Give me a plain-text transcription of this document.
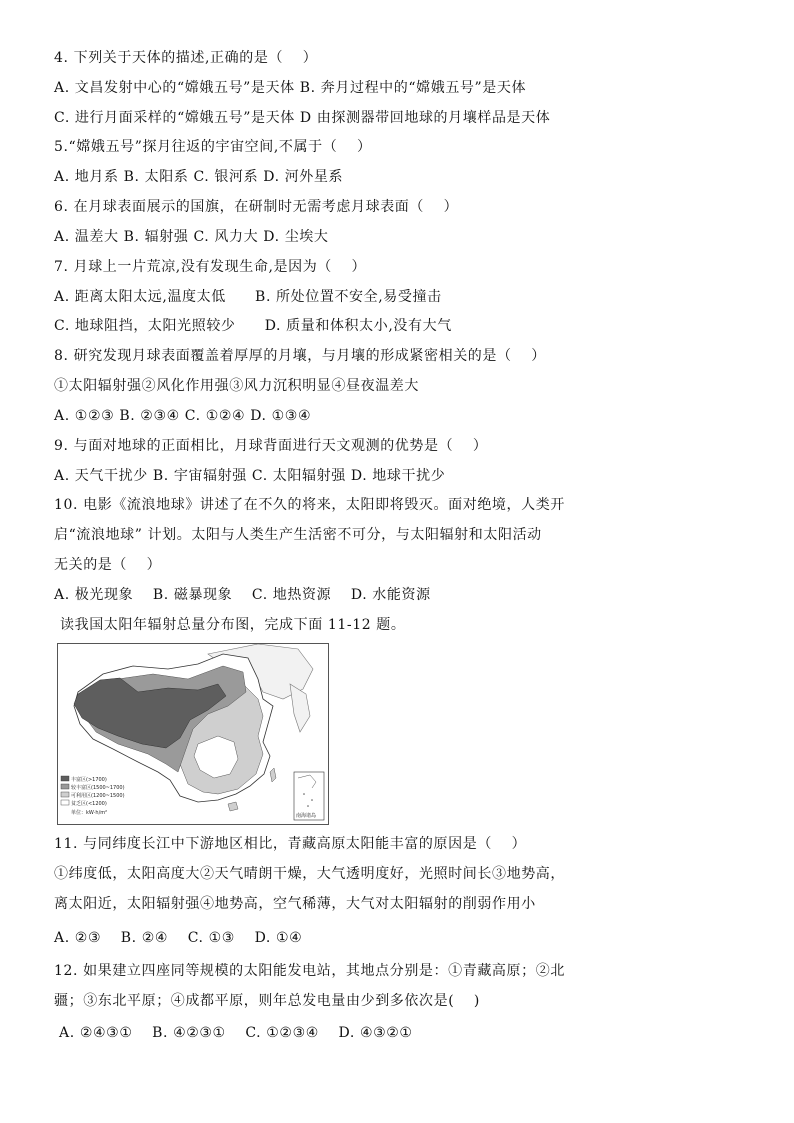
4. 下列关于天体的描述,正确的是（　 ）
A. 文昌发射中心的“嫦娥五号”是天体 B. 奔月过程中的“嫦娥五号”是天体
C. 进行月面采样的“嫦娥五号”是天体 D 由探测器带回地球的月壤样品是天体
5.“嫦娥五号”探月往返的宇宙空间,不属于（　 ）
A. 地月系 B. 太阳系 C. 银河系 D. 河外星系
6. 在月球表面展示的国旗，在研制时无需考虑月球表面（　 ）
A. 温差大 B. 辐射强 C. 风力大 D. 尘埃大
7. 月球上一片荒凉,没有发现生命,是因为（　 ）
A. 距离太阳太远,温度太低　　B. 所处位置不安全,易受撞击
C. 地球阻挡，太阳光照较少　　D. 质量和体积太小,没有大气
8. 研究发现月球表面覆盖着厚厚的月壤，与月壤的形成紧密相关的是（　 ）
①太阳辐射强②风化作用强③风力沉积明显④昼夜温差大
A. ①②③ B. ②③④ C. ①②④ D. ①③④
9. 与面对地球的正面相比，月球背面进行天文观测的优势是（　 ）
A. 天气干扰少 B. 宇宙辐射强 C. 太阳辐射强 D. 地球干扰少
10. 电影《流浪地球》讲述了在不久的将来，太阳即将毁灭。面对绝境，人类开
启“流浪地球” 计划。太阳与人类生产生活密不可分，与太阳辐射和太阳活动
无关的是（　 ）
A. 极光现象　 B. 磁暴现象　 C. 地热资源　 D. 水能资源
读我国太阳年辐射总量分布图，完成下面 11-12 题。
丰富区(>1700)
较丰富区(1500~1700)
可利用区(1200~1500)
贫乏区(<1200)
单位：kW·h/m²	南海诸岛
11. 与同纬度长江中下游地区相比，青藏高原太阳能丰富的原因是（　 ）
①纬度低，太阳高度大②天气晴朗干燥，大气透明度好，光照时间长③地势高，
离太阳近，太阳辐射强④地势高，空气稀薄，大气对太阳辐射的削弱作用小
A. ②③　 B. ②④　 C. ①③　 D. ①④
12. 如果建立四座同等规模的太阳能发电站，其地点分别是：①青藏高原；②北
疆；③东北平原；④成都平原，则年总发电量由少到多依次是(　 )
A. ②④③①　 B. ④②③①　 C. ①②③④　 D. ④③②①
